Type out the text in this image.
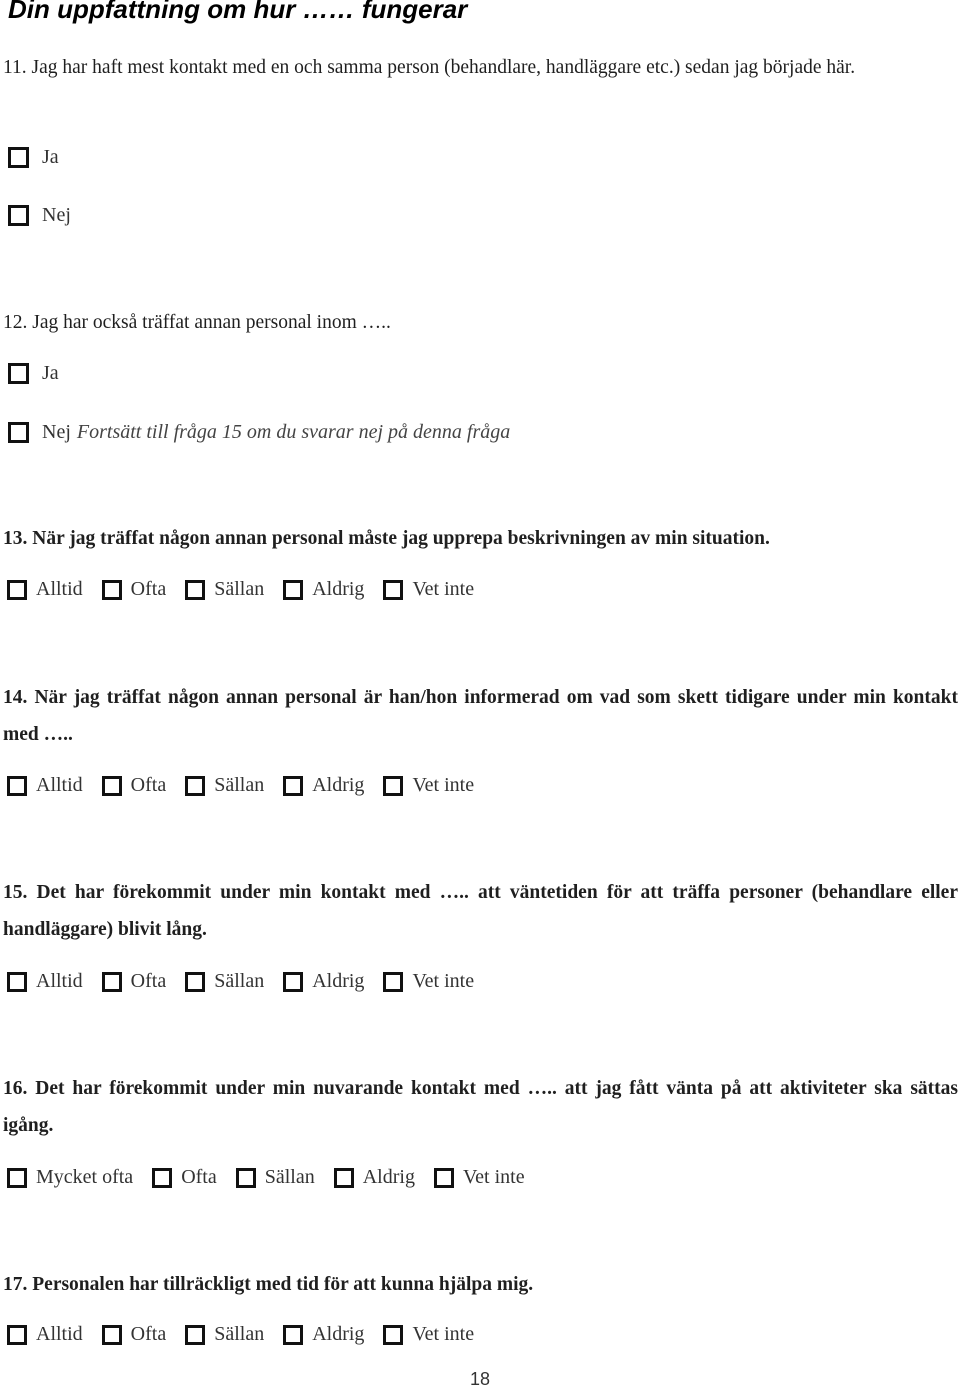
Din uppfattning om hur …… fungerar

11. Jag har haft mest kontakt med en och samma person (behandlare, handläggare etc.) sedan jag började här.

Ja
Nej

12. Jag har också träffat annan personal inom …..

Ja
Nej Fortsätt till fråga 15 om du svarar nej på denna fråga

13. När jag träffat någon annan personal måste jag upprepa beskrivningen av min situation.

Alltid Ofta Sällan Aldrig Vet inte

14. När jag träffat någon annan personal är han/hon informerad om vad som skett tidigare under min kontakt med …..

Alltid Ofta Sällan Aldrig Vet inte

15. Det har förekommit under min kontakt med ….. att väntetiden för att träffa personer (behandlare eller handläggare) blivit lång.

Alltid Ofta Sällan Aldrig Vet inte

16. Det har förekommit under min nuvarande kontakt med ….. att jag fått vänta på att aktiviteter ska sättas igång.

Mycket ofta Ofta Sällan Aldrig Vet inte

17. Personalen har tillräckligt med tid för att kunna hjälpa mig.

Alltid Ofta Sällan Aldrig Vet inte
18
